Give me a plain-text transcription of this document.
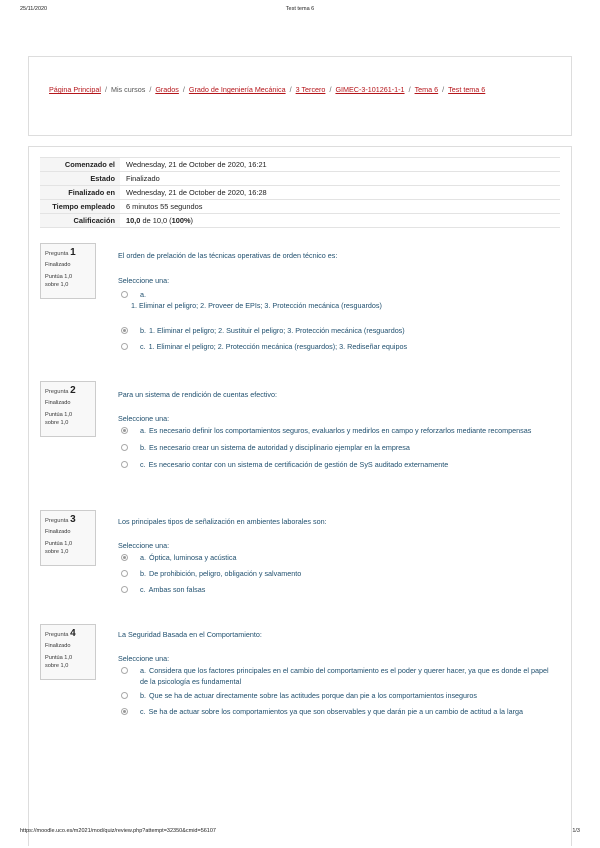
25/11/2020	Test tema 6
Página Principal / Mis cursos / Grados / Grado de Ingeniería Mecánica / 3 Tercero / GIMEC-3-101261-1-1 / Tema 6 / Test tema 6
Comenzado el	Wednesday, 21 de October de 2020, 16:21
Estado	Finalizado
Finalizado en	Wednesday, 21 de October de 2020, 16:28
Tiempo empleado	6 minutos 55 segundos
Calificación	10,0 de 10,0 (100%)
Pregunta 1
Finalizado
Puntúa 1,0
sobre 1,0
El orden de prelación de las técnicas operativas de orden técnico es:
Seleccione una:
a.
1. Eliminar el peligro; 2. Proveer de EPIs; 3. Protección mecánica (resguardos)
b. 1. Eliminar el peligro; 2. Sustituir el peligro; 3. Protección mecánica (resguardos)
c. 1. Eliminar el peligro; 2. Protección mecánica (resguardos); 3. Rediseñar equipos
Pregunta 2
Finalizado
Puntúa 1,0
sobre 1,0
Para un sistema de rendición de cuentas efectivo:
Seleccione una:
a. Es necesario definir los comportamientos seguros, evaluarlos y medirlos en campo y reforzarlos mediante recompensas
b. Es necesario crear un sistema de autoridad y disciplinario ejemplar en la empresa
c. Es necesario contar con un sistema de certificación de gestión de SyS auditado externamente
Pregunta 3
Finalizado
Puntúa 1,0
sobre 1,0
Los principales tipos de señalización en ambientes laborales son:
Seleccione una:
a. Óptica, luminosa y acústica
b. De prohibición, peligro, obligación y salvamento
c. Ambas son falsas
Pregunta 4
Finalizado
Puntúa 1,0
sobre 1,0
La Seguridad Basada en el Comportamiento:
Seleccione una:
a. Considera que los factores principales en el cambio del comportamiento es el poder y querer hacer, ya que es donde el papel de la psicología es fundamental
b. Que se ha de actuar directamente sobre las actitudes porque dan pie a los comportamientos inseguros
c. Se ha de actuar sobre los comportamientos ya que son observables y que darán pie a un cambio de actitud a la larga
https://moodle.uco.es/m2021/mod/quiz/review.php?attempt=32350&cmid=56107	1/3
